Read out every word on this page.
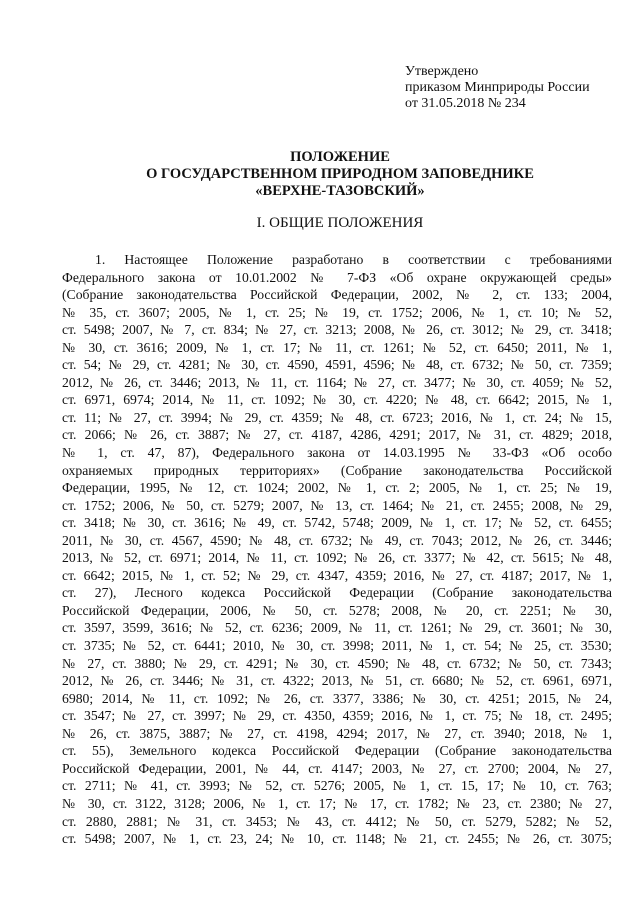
Утверждено
приказом Минприроды России
от 31.05.2018 № 234
ПОЛОЖЕНИЕ
О ГОСУДАРСТВЕННОМ ПРИРОДНОМ ЗАПОВЕДНИКЕ
«ВЕРХНЕ-ТАЗОВСКИЙ»
I. ОБЩИЕ ПОЛОЖЕНИЯ
1. Настоящее Положение разработано в соответствии с требованиями
Федерального закона от 10.01.2002 № 7-ФЗ «Об охране окружающей среды»
(Собрание законодательства Российской Федерации, 2002, № 2, ст. 133; 2004,
№ 35, ст. 3607; 2005, № 1, ст. 25; № 19, ст. 1752; 2006, № 1, ст. 10; № 52,
ст. 5498; 2007, № 7, ст. 834; № 27, ст. 3213; 2008, № 26, ст. 3012; № 29, ст. 3418;
№ 30, ст. 3616; 2009, № 1, ст. 17; № 11, ст. 1261; № 52, ст. 6450; 2011, № 1,
ст. 54; № 29, ст. 4281; № 30, ст. 4590, 4591, 4596; № 48, ст. 6732; № 50, ст. 7359;
2012, № 26, ст. 3446; 2013, № 11, ст. 1164; № 27, ст. 3477; № 30, ст. 4059; № 52,
ст. 6971, 6974; 2014, № 11, ст. 1092; № 30, ст. 4220; № 48, ст. 6642; 2015, № 1,
ст. 11; № 27, ст. 3994; № 29, ст. 4359; № 48, ст. 6723; 2016, № 1, ст. 24; № 15,
ст. 2066; № 26, ст. 3887; № 27, ст. 4187, 4286, 4291; 2017, № 31, ст. 4829; 2018,
№ 1, ст. 47, 87), Федерального закона от 14.03.1995 № 33-ФЗ «Об особо
охраняемых природных территориях» (Собрание законодательства Российской
Федерации, 1995, № 12, ст. 1024; 2002, № 1, ст. 2; 2005, № 1, ст. 25; № 19,
ст. 1752; 2006, № 50, ст. 5279; 2007, № 13, ст. 1464; № 21, ст. 2455; 2008, № 29,
ст. 3418; № 30, ст. 3616; № 49, ст. 5742, 5748; 2009, № 1, ст. 17; № 52, ст. 6455;
2011, № 30, ст. 4567, 4590; № 48, ст. 6732; № 49, ст. 7043; 2012, № 26, ст. 3446;
2013, № 52, ст. 6971; 2014, № 11, ст. 1092; № 26, ст. 3377; № 42, ст. 5615; № 48,
ст. 6642; 2015, № 1, ст. 52; № 29, ст. 4347, 4359; 2016, № 27, ст. 4187; 2017, № 1,
ст. 27), Лесного кодекса Российской Федерации (Собрание законодательства
Российской Федерации, 2006, № 50, ст. 5278; 2008, № 20, ст. 2251; № 30,
ст. 3597, 3599, 3616; № 52, ст. 6236; 2009, № 11, ст. 1261; № 29, ст. 3601; № 30,
ст. 3735; № 52, ст. 6441; 2010, № 30, ст. 3998; 2011, № 1, ст. 54; № 25, ст. 3530;
№ 27, ст. 3880; № 29, ст. 4291; № 30, ст. 4590; № 48, ст. 6732; № 50, ст. 7343;
2012, № 26, ст. 3446; № 31, ст. 4322; 2013, № 51, ст. 6680; № 52, ст. 6961, 6971,
6980; 2014, № 11, ст. 1092; № 26, ст. 3377, 3386; № 30, ст. 4251; 2015, № 24,
ст. 3547; № 27, ст. 3997; № 29, ст. 4350, 4359; 2016, № 1, ст. 75; № 18, ст. 2495;
№ 26, ст. 3875, 3887; № 27, ст. 4198, 4294; 2017, № 27, ст. 3940; 2018, № 1,
ст. 55), Земельного кодекса Российской Федерации (Собрание законодательства
Российской Федерации, 2001, № 44, ст. 4147; 2003, № 27, ст. 2700; 2004, № 27,
ст. 2711; № 41, ст. 3993; № 52, ст. 5276; 2005, № 1, ст. 15, 17; № 10, ст. 763;
№ 30, ст. 3122, 3128; 2006, № 1, ст. 17; № 17, ст. 1782; № 23, ст. 2380; № 27,
ст. 2880, 2881; № 31, ст. 3453; № 43, ст. 4412; № 50, ст. 5279, 5282; № 52,
ст. 5498; 2007, № 1, ст. 23, 24; № 10, ст. 1148; № 21, ст. 2455; № 26, ст. 3075;
